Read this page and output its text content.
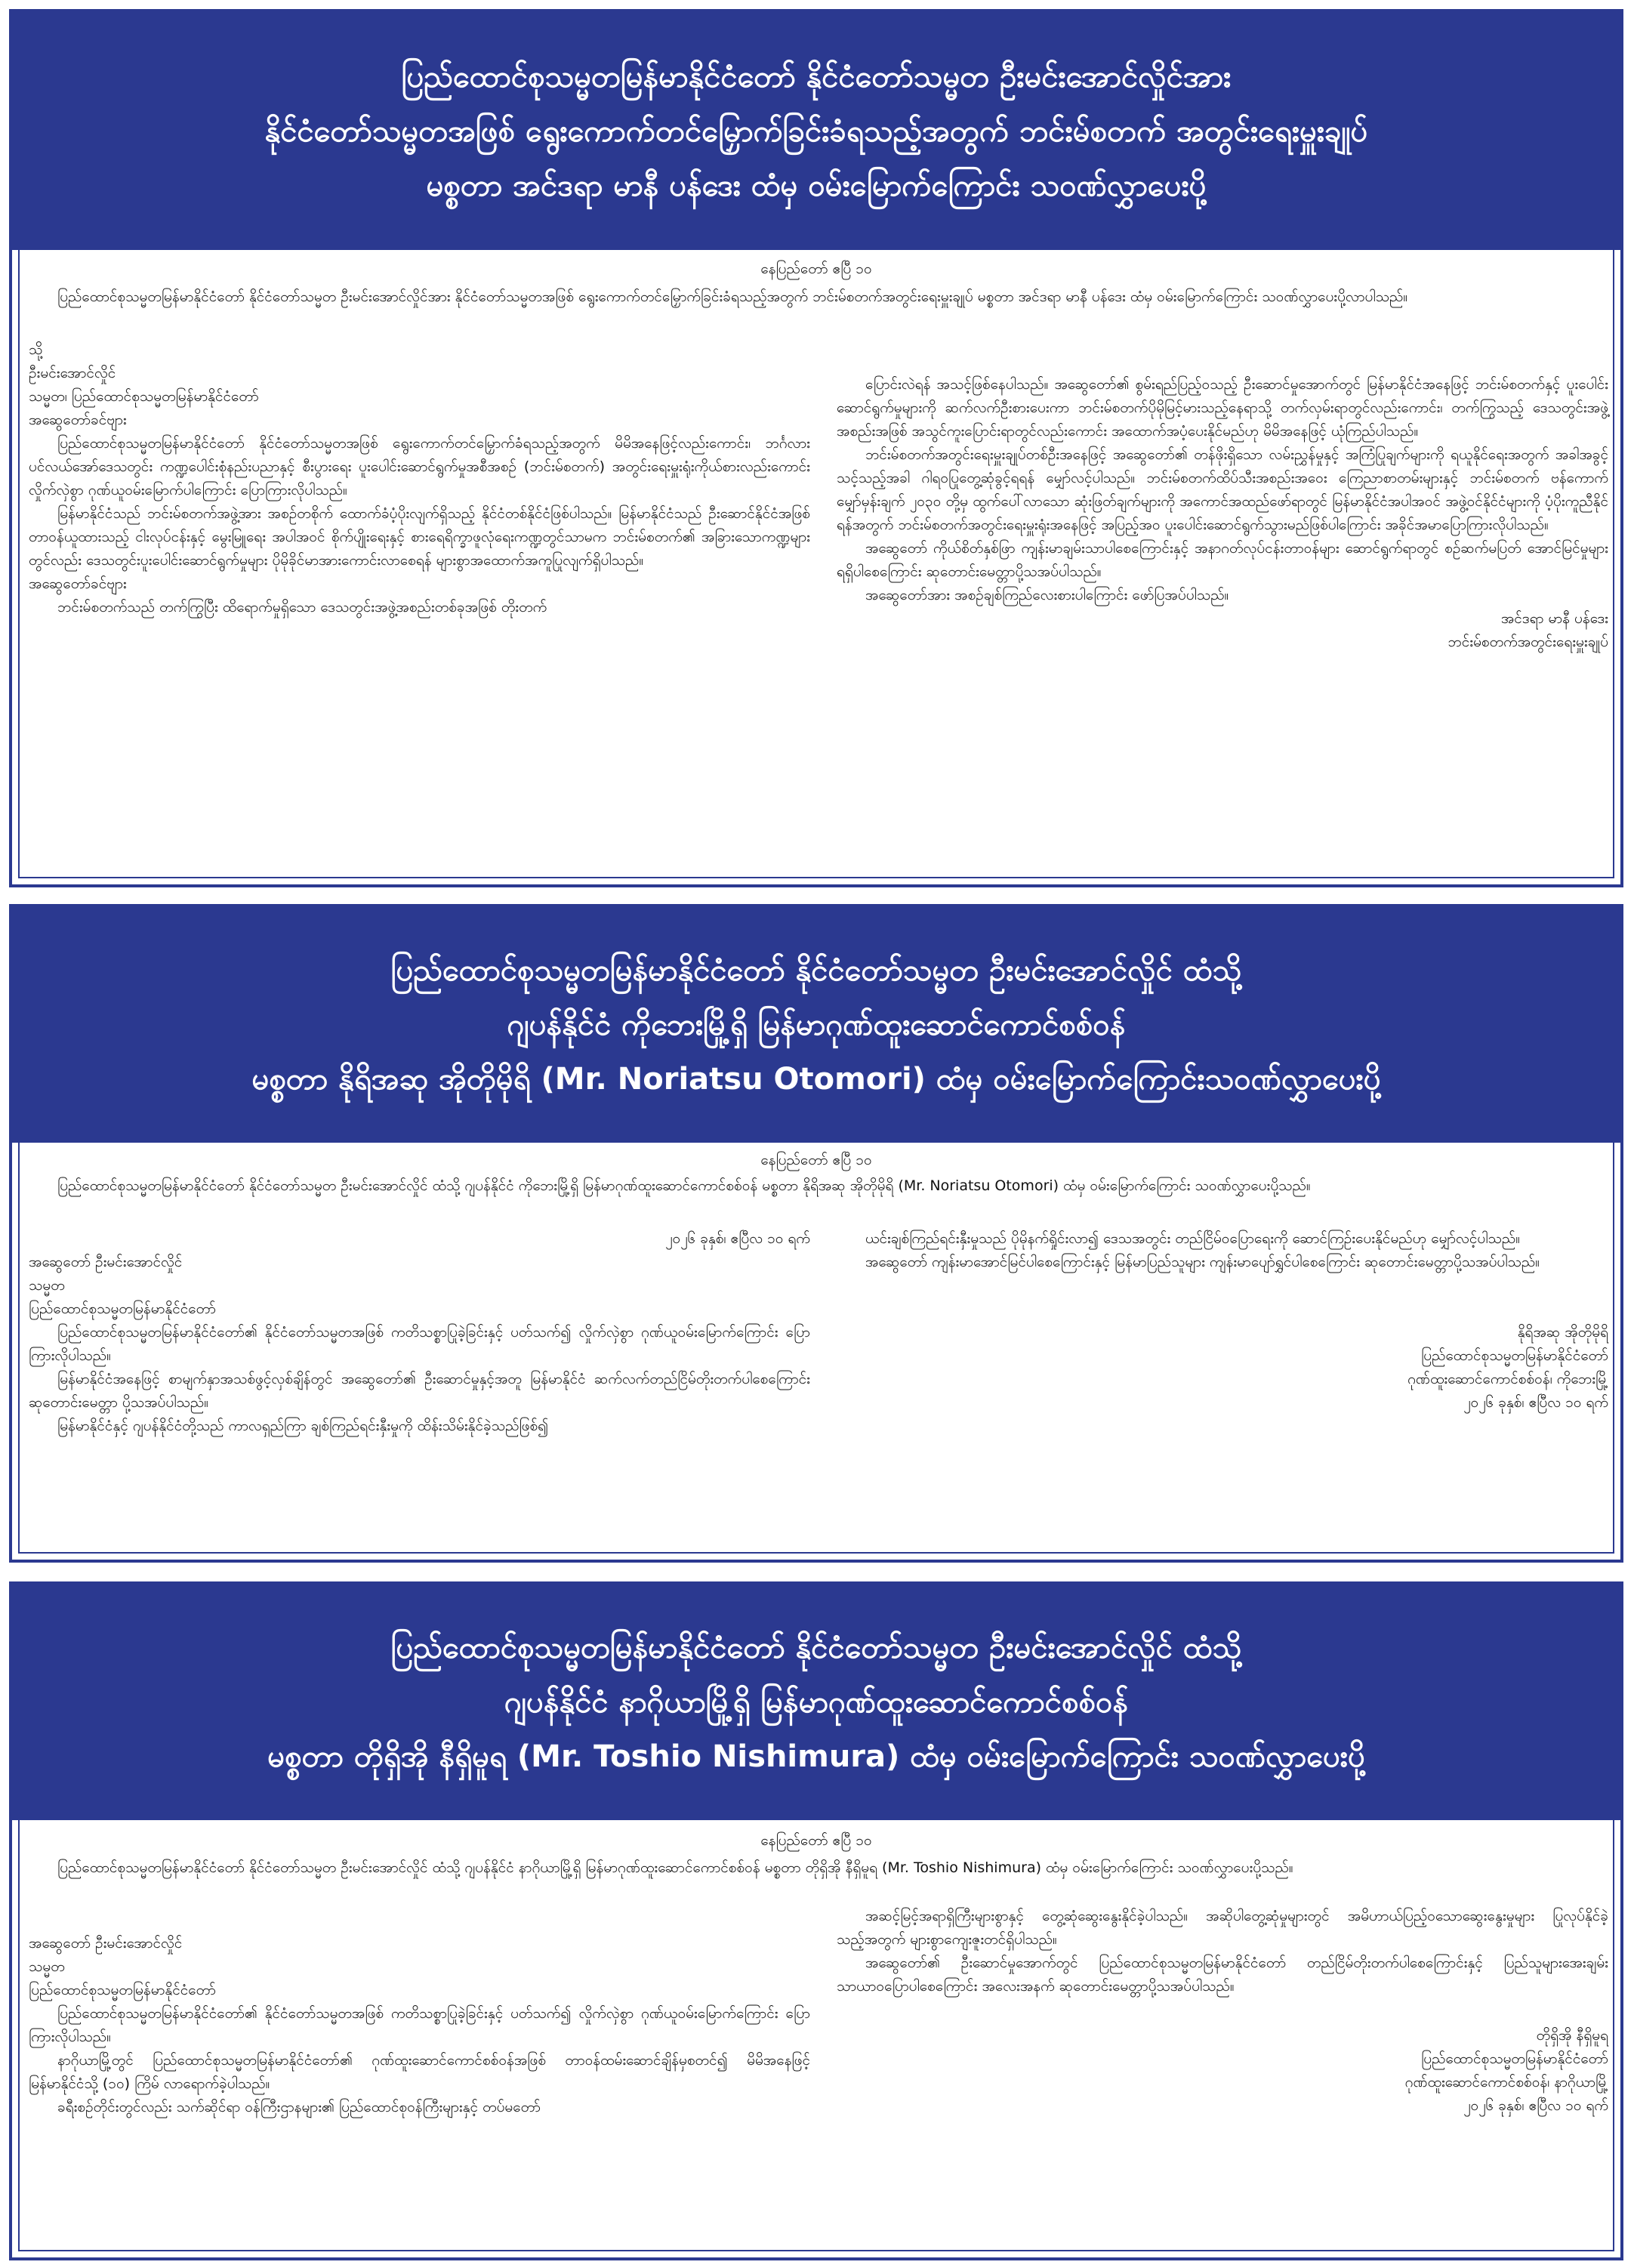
ပြည်ထောင်စုသမ္မတမြန်မာနိုင်ငံတော် နိုင်ငံတော်သမ္မတ ဦးမင်းအောင်လှိုင်အား
နိုင်ငံတော်သမ္မတအဖြစ် ရွေးကောက်တင်မြှောက်ခြင်းခံရသည့်အတွက် ဘင်းမ်စတက် အတွင်းရေးမှူးချုပ်
မစ္စတာ အင်ဒရာ မာနီ ပန်ဒေး ထံမှ ဝမ်းမြောက်ကြောင်း သဝဏ်လွှာပေးပို့
နေပြည်တော် ဧပြီ ၁၀
ပြည်ထောင်စုသမ္မတမြန်မာနိုင်ငံတော် နိုင်ငံတော်သမ္မတ ဦးမင်းအောင်လှိုင်အား နိုင်ငံတော်သမ္မတအဖြစ် ရွေးကောက်တင်မြှောက်ခြင်းခံရသည့်အတွက် ဘင်းမ်စတက်အတွင်းရေးမှူးချုပ် မစ္စတာ အင်ဒရာ မာနီ ပန်ဒေး ထံမှ ဝမ်းမြောက်ကြောင်း သဝဏ်လွှာပေးပို့လာပါသည်။
သို့
ဦးမင်းအောင်လှိုင်
သမ္မတ၊ ပြည်ထောင်စုသမ္မတမြန်မာနိုင်ငံတော်
အဆွေတော်ခင်ဗျား
ပြည်ထောင်စုသမ္မတမြန်မာနိုင်ငံတော် နိုင်ငံတော်သမ္မတအဖြစ် ရွေးကောက်တင်မြှောက်ခံရသည့်အတွက် မိမိအနေဖြင့်လည်းကောင်း၊ ဘင်္ဂလားပင်လယ်အော်ဒေသတွင်း ကဏ္ဍပေါင်းစုံနည်းပညာနှင့် စီးပွားရေး ပူးပေါင်းဆောင်ရွက်မှုအစီအစဉ် (ဘင်းမ်စတက်) အတွင်းရေးမှူးရုံးကိုယ်စားလည်းကောင်း လှိုက်လှဲစွာ ဂုဏ်ယူဝမ်းမြောက်ပါကြောင်း ပြောကြားလိုပါသည်။
မြန်မာနိုင်ငံသည် ဘင်းမ်စတက်အဖွဲ့အား အစဉ်တစိုက် ထောက်ခံပံ့ပိုးလျက်ရှိသည့် နိုင်ငံတစ်နိုင်ငံဖြစ်ပါသည်။ မြန်မာနိုင်ငံသည် ဦးဆောင်နိုင်ငံအဖြစ် တာဝန်ယူထားသည့် ငါးလုပ်ငန်းနှင့် မွေးမြူရေး အပါအဝင် စိုက်ပျိုးရေးနှင့် စားရေရိက္ခာဖူလုံရေးကဏ္ဍတွင်သာမက ဘင်းမ်စတက်၏ အခြားသောကဏ္ဍများတွင်လည်း ဒေသတွင်းပူးပေါင်းဆောင်ရွက်မှုများ ပိုမိုခိုင်မာအားကောင်းလာစေရန် များစွာအထောက်အကူပြုလျက်ရှိပါသည်။
အဆွေတော်ခင်ဗျား
ဘင်းမ်စတက်သည် တက်ကြွပြီး ထိရောက်မှုရှိသော ဒေသတွင်းအဖွဲ့အစည်းတစ်ခုအဖြစ် တိုးတက်
ပြောင်းလဲရန် အသင့်ဖြစ်နေပါသည်။ အဆွေတော်၏ စွမ်းရည်ပြည့်ဝသည့် ဦးဆောင်မှုအောက်တွင် မြန်မာနိုင်ငံအနေဖြင့် ဘင်းမ်စတက်နှင့် ပူးပေါင်းဆောင်ရွက်မှုများကို ဆက်လက်ဦးစားပေးကာ ဘင်းမ်စတက်ပိုမိုမြင့်မားသည့်နေရာသို့ တက်လှမ်းရာတွင်လည်းကောင်း၊ တက်ကြွသည့် ဒေသတွင်းအဖွဲ့အစည်းအဖြစ် အသွင်ကူးပြောင်းရာတွင်လည်းကောင်း အထောက်အပံ့ပေးနိုင်မည်ဟု မိမိအနေဖြင့် ယုံကြည်ပါသည်။
ဘင်းမ်စတက်အတွင်းရေးမှူးချုပ်တစ်ဦးအနေဖြင့် အဆွေတော်၏ တန်ဖိုးရှိသော လမ်းညွှန်မှုနှင့် အကြံပြုချက်များကို ရယူနိုင်ရေးအတွက် အခါအခွင့်သင့်သည့်အခါ ဂါရဝပြုတွေ့ဆုံခွင့်ရရန် မျှော်လင့်ပါသည်။ ဘင်းမ်စတက်ထိပ်သီးအစည်းအဝေး ကြေညာစာတမ်းများနှင့် ဘင်းမ်စတက် ဗန်ကောက်မျှော်မှန်းချက် ၂၀၃၀ တို့မှ ထွက်ပေါ်လာသော ဆုံးဖြတ်ချက်များကို အကောင်အထည်ဖော်ရာတွင် မြန်မာနိုင်ငံအပါအဝင် အဖွဲ့ဝင်နိုင်ငံများကို ပံ့ပိုးကူညီနိုင်ရန်အတွက် ဘင်းမ်စတက်အတွင်းရေးမှူးရုံးအနေဖြင့် အပြည့်အဝ ပူးပေါင်းဆောင်ရွက်သွားမည်ဖြစ်ပါကြောင်း အခိုင်အမာပြောကြားလိုပါသည်။
အဆွေတော် ကိုယ်စိတ်နှစ်ဖြာ ကျန်းမာချမ်းသာပါစေကြောင်းနှင့် အနာဂတ်လုပ်ငန်းတာဝန်များ ဆောင်ရွက်ရာတွင် စဉ်ဆက်မပြတ် အောင်မြင်မှုများ ရရှိပါစေကြောင်း ဆုတောင်းမေတ္တာပို့သအပ်ပါသည်။
အဆွေတော်အား အစဉ်ချစ်ကြည်လေးစားပါကြောင်း ဖော်ပြအပ်ပါသည်။
အင်ဒရာ မာနီ ပန်ဒေး
ဘင်းမ်စတက်အတွင်းရေးမှူးချုပ်
ပြည်ထောင်စုသမ္မတမြန်မာနိုင်ငံတော် နိုင်ငံတော်သမ္မတ ဦးမင်းအောင်လှိုင် ထံသို့
ဂျပန်နိုင်ငံ ကိုဘေးမြို့ရှိ မြန်မာဂုဏ်ထူးဆောင်ကောင်စစ်ဝန်
မစ္စတာ နိုရိအဆု အိုတိုမိုရိ (Mr. Noriatsu Otomori) ထံမှ ဝမ်းမြောက်ကြောင်းသဝဏ်လွှာပေးပို့
နေပြည်တော် ဧပြီ ၁၀
ပြည်ထောင်စုသမ္မတမြန်မာနိုင်ငံတော် နိုင်ငံတော်သမ္မတ ဦးမင်းအောင်လှိုင် ထံသို့ ဂျပန်နိုင်ငံ ကိုဘေးမြို့ရှိ မြန်မာဂုဏ်ထူးဆောင်ကောင်စစ်ဝန် မစ္စတာ နိုရိအဆု အိုတိုမိုရိ (Mr. Noriatsu Otomori) ထံမှ ဝမ်းမြောက်ကြောင်း သဝဏ်လွှာပေးပို့သည်။
၂၀၂၆ ခုနှစ်၊ ဧပြီလ ၁၀ ရက်
အဆွေတော် ဦးမင်းအောင်လှိုင်
သမ္မတ
ပြည်ထောင်စုသမ္မတမြန်မာနိုင်ငံတော်
ပြည်ထောင်စုသမ္မတမြန်မာနိုင်ငံတော်၏ နိုင်ငံတော်သမ္မတအဖြစ် ကတိသစ္စာပြုခဲ့ခြင်းနှင့် ပတ်သက်၍ လှိုက်လှဲစွာ ဂုဏ်ယူဝမ်းမြောက်ကြောင်း ပြောကြားလိုပါသည်။
မြန်မာနိုင်ငံအနေဖြင့် စာမျက်နှာအသစ်ဖွင့်လှစ်ချိန်တွင် အဆွေတော်၏ ဦးဆောင်မှုနှင့်အတူ မြန်မာနိုင်ငံ ဆက်လက်တည်ငြိမ်တိုးတက်ပါစေကြောင်း ဆုတောင်းမေတ္တာ ပို့သအပ်ပါသည်။
မြန်မာနိုင်ငံနှင့် ဂျပန်နိုင်ငံတို့သည် ကာလရှည်ကြာ ချစ်ကြည်ရင်းနှီးမှုကို ထိန်းသိမ်းနိုင်ခဲ့သည်ဖြစ်၍
ယင်းချစ်ကြည်ရင်းနှီးမှုသည် ပိုမိုနက်ရှိုင်းလာ၍ ဒေသအတွင်း တည်ငြိမ်ဝပြောရေးကို ဆောင်ကြဉ်းပေးနိုင်မည်ဟု မျှော်လင့်ပါသည်။
အဆွေတော် ကျန်းမာအောင်မြင်ပါစေကြောင်းနှင့် မြန်မာပြည်သူများ ကျန်းမာပျော်ရွှင်ပါစေကြောင်း ဆုတောင်းမေတ္တာပို့သအပ်ပါသည်။
နိုရိအဆု အိုတိုမိုရိ
ပြည်ထောင်စုသမ္မတမြန်မာနိုင်ငံတော်
ဂုဏ်ထူးဆောင်ကောင်စစ်ဝန်၊ ကိုဘေးမြို့
၂၀၂၆ ခုနှစ်၊ ဧပြီလ ၁၀ ရက်
ပြည်ထောင်စုသမ္မတမြန်မာနိုင်ငံတော် နိုင်ငံတော်သမ္မတ ဦးမင်းအောင်လှိုင် ထံသို့
ဂျပန်နိုင်ငံ နာဂိုယာမြို့ရှိ မြန်မာဂုဏ်ထူးဆောင်ကောင်စစ်ဝန်
မစ္စတာ တိုရှိအို နီရှိမူရ (Mr. Toshio Nishimura) ထံမှ ဝမ်းမြောက်ကြောင်း သဝဏ်လွှာပေးပို့
နေပြည်တော် ဧပြီ ၁၀
ပြည်ထောင်စုသမ္မတမြန်မာနိုင်ငံတော် နိုင်ငံတော်သမ္မတ ဦးမင်းအောင်လှိုင် ထံသို့ ဂျပန်နိုင်ငံ နာဂိုယာမြို့ရှိ မြန်မာဂုဏ်ထူးဆောင်ကောင်စစ်ဝန် မစ္စတာ တိုရှိအို နီရှိမူရ (Mr. Toshio Nishimura) ထံမှ ဝမ်းမြောက်ကြောင်း သဝဏ်လွှာပေးပို့သည်။
အဆွေတော် ဦးမင်းအောင်လှိုင်
သမ္မတ
ပြည်ထောင်စုသမ္မတမြန်မာနိုင်ငံတော်
ပြည်ထောင်စုသမ္မတမြန်မာနိုင်ငံတော်၏ နိုင်ငံတော်သမ္မတအဖြစ် ကတိသစ္စာပြုခဲ့ခြင်းနှင့် ပတ်သက်၍ လှိုက်လှဲစွာ ဂုဏ်ယူဝမ်းမြောက်ကြောင်း ပြောကြားလိုပါသည်။
နာဂိုယာမြို့တွင် ပြည်ထောင်စုသမ္မတမြန်မာနိုင်ငံတော်၏ ဂုဏ်ထူးဆောင်ကောင်စစ်ဝန်အဖြစ် တာဝန်ထမ်းဆောင်ချိန်မှစတင်၍ မိမိအနေဖြင့် မြန်မာနိုင်ငံသို့ (၁၀) ကြိမ် လာရောက်ခဲ့ပါသည်။
ခရီးစဉ်တိုင်းတွင်လည်း သက်ဆိုင်ရာ ဝန်ကြီးဌာနများ၏ ပြည်ထောင်စုဝန်ကြီးများနှင့် တပ်မတော်
အဆင့်မြင့်အရာရှိကြီးများစွာနှင့် တွေ့ဆုံဆွေးနွေးနိုင်ခဲ့ပါသည်။ အဆိုပါတွေ့ဆုံမှုများတွင် အမိဟာယ်ပြည့်ဝသောဆွေးနွေးမှုများ ပြုလုပ်နိုင်ခဲ့သည့်အတွက် များစွာကျေးဇူးတင်ရှိပါသည်။
အဆွေတော်၏ ဦးဆောင်မှုအောက်တွင် ပြည်ထောင်စုသမ္မတမြန်မာနိုင်ငံတော် တည်ငြိမ်တိုးတက်ပါစေကြောင်းနှင့် ပြည်သူများအေးချမ်းသာယာဝပြောပါစေကြောင်း အလေးအနက် ဆုတောင်းမေတ္တာပို့သအပ်ပါသည်။
တိုရှိအို နီရှိမူရ
ပြည်ထောင်စုသမ္မတမြန်မာနိုင်ငံတော်
ဂုဏ်ထူးဆောင်ကောင်စစ်ဝန်၊ နာဂိုယာမြို့
၂၀၂၆ ခုနှစ်၊ ဧပြီလ ၁၀ ရက်
